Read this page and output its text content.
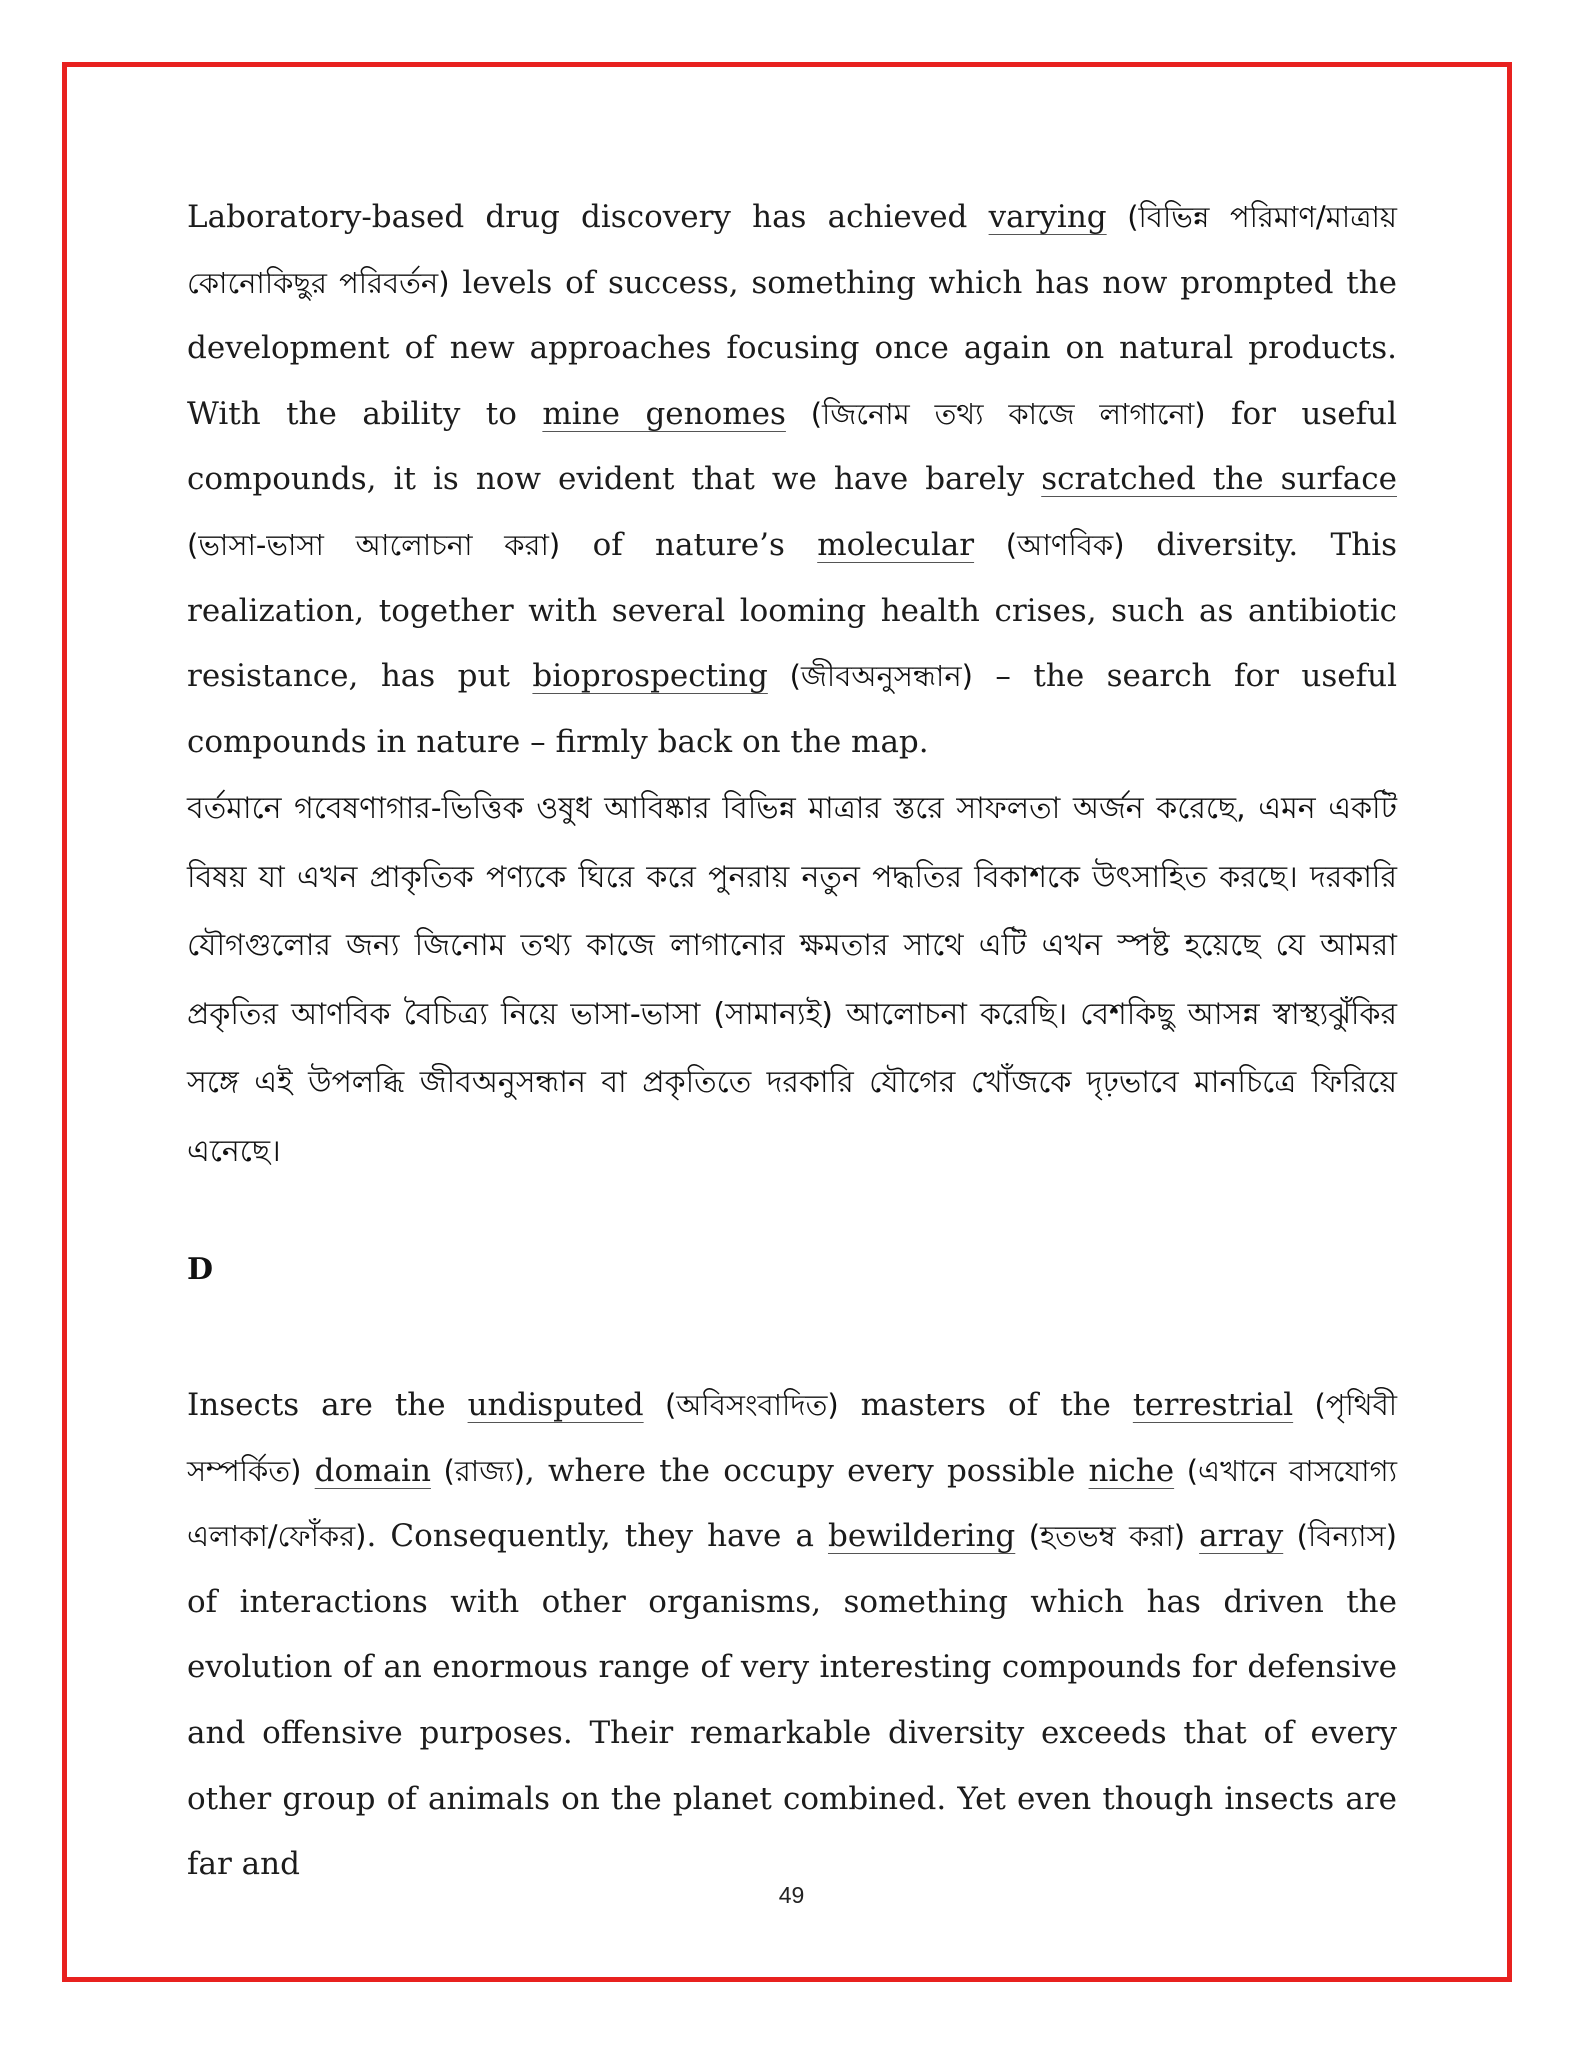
Laboratory-based drug discovery has achieved varying (বিভিন্ন পরিমাণ/মাত্রায় কোনোকিছুর পরিবর্তন) levels of success, something which has now prompted the development of new approaches focusing once again on natural products. With the ability to mine genomes (জিনোম তথ্য কাজে লাগানো) for useful compounds, it is now evident that we have barely scratched the surface (ভাসা-ভাসা আলোচনা করা) of nature’s molecular (আণবিক) diversity. This realization, together with several looming health crises, such as antibiotic resistance, has put bioprospecting (জীবঅনুসন্ধান) – the search for useful compounds in nature – firmly back on the map.

বর্তমানে গবেষণাগার-ভিত্তিক ওষুধ আবিষ্কার বিভিন্ন মাত্রার স্তরে সাফলতা অর্জন করেছে, এমন একটি বিষয় যা এখন প্রাকৃতিক পণ্যকে ঘিরে করে পুনরায় নতুন পদ্ধতির বিকাশকে উৎসাহিত করছে। দরকারি যৌগগুলোর জন্য জিনোম তথ্য কাজে লাগানোর ক্ষমতার সাথে এটি এখন স্পষ্ট হয়েছে যে আমরা প্রকৃতির আণবিক বৈচিত্র্য নিয়ে ভাসা-ভাসা (সামান্যই) আলোচনা করেছি। বেশকিছু আসন্ন স্বাস্থ্যঝুঁকির সঙ্গে এই উপলব্ধি জীবঅনুসন্ধান বা প্রকৃতিতে দরকারি যৌগের খোঁজকে দৃঢ়ভাবে মানচিত্রে ফিরিয়ে এনেছে।

D

Insects are the undisputed (অবিসংবাদিত) masters of the terrestrial (পৃথিবী সম্পর্কিত) domain (রাজ্য), where the occupy every possible niche (এখানে বাসযোগ্য এলাকা/ফোঁকর). Consequently, they have a bewildering (হতভম্ব করা) array (বিন্যাস) of interactions with other organisms, something which has driven the evolution of an enormous range of very interesting compounds for defensive and offensive purposes. Their remarkable diversity exceeds that of every other group of animals on the planet combined. Yet even though insects are far and

49
